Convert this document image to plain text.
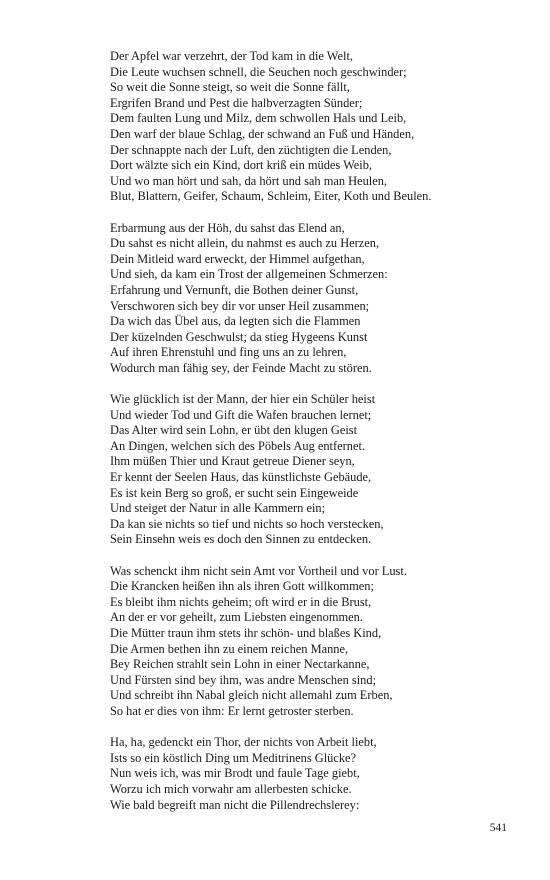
Der Apfel war verzehrt, der Tod kam in die Welt,
Die Leute wuchsen schnell, die Seuchen noch geschwinder;
So weit die Sonne steigt, so weit die Sonne fällt,
Ergrifen Brand und Pest die halbverzagten Sünder;
Dem faulten Lung und Milz, dem schwollen Hals und Leib,
Den warf der blaue Schlag, der schwand an Fuß und Händen,
Der schnappte nach der Luft, den züchtigten die Lenden,
Dort wälzte sich ein Kind, dort kriß ein müdes Weib,
Und wo man hört und sah, da hört und sah man Heulen,
Blut, Blattern, Geifer, Schaum, Schleim, Eiter, Koth und Beulen.
Erbarmung aus der Höh, du sahst das Elend an,
Du sahst es nicht allein, du nahmst es auch zu Herzen,
Dein Mitleid ward erweckt, der Himmel aufgethan,
Und sieh, da kam ein Trost der allgemeinen Schmerzen:
Erfahrung und Vernunft, die Bothen deiner Gunst,
Verschworen sich bey dir vor unser Heil zusammen;
Da wich das Übel aus, da legten sich die Flammen
Der küzelnden Geschwulst; da stieg Hygeens Kunst
Auf ihren Ehrenstuhl und fing uns an zu lehren,
Wodurch man fähig sey, der Feinde Macht zu stören.
Wie glücklich ist der Mann, der hier ein Schüler heist
Und wieder Tod und Gift die Wafen brauchen lernet;
Das Alter wird sein Lohn, er übt den klugen Geist
An Dingen, welchen sich des Pöbels Aug entfernet.
Ihm müßen Thier und Kraut getreue Diener seyn,
Er kennt der Seelen Haus, das künstlichste Gebäude,
Es ist kein Berg so groß, er sucht sein Eingeweide
Und steiget der Natur in alle Kammern ein;
Da kan sie nichts so tief und nichts so hoch verstecken,
Sein Einsehn weis es doch den Sinnen zu entdecken.
Was schenckt ihm nicht sein Amt vor Vortheil und vor Lust.
Die Krancken heißen ihn als ihren Gott willkommen;
Es bleibt ihm nichts geheim; oft wird er in die Brust,
An der er vor geheilt, zum Liebsten eingenommen.
Die Mütter traun ihm stets ihr schön- und blaßes Kind,
Die Armen bethen ihn zu einem reichen Manne,
Bey Reichen strahlt sein Lohn in einer Nectarkanne,
Und Fürsten sind bey ihm, was andre Menschen sind;
Und schreibt ihn Nabal gleich nicht allemahl zum Erben,
So hat er dies von ihm: Er lernt getroster sterben.
Ha, ha, gedenckt ein Thor, der nichts von Arbeit liebt,
Ists so ein köstlich Ding um Meditrinens Glücke?
Nun weis ich, was mir Brodt und faule Tage giebt,
Worzu ich mich vorwahr am allerbesten schicke.
Wie bald begreift man nicht die Pillendrechslerey:
541
